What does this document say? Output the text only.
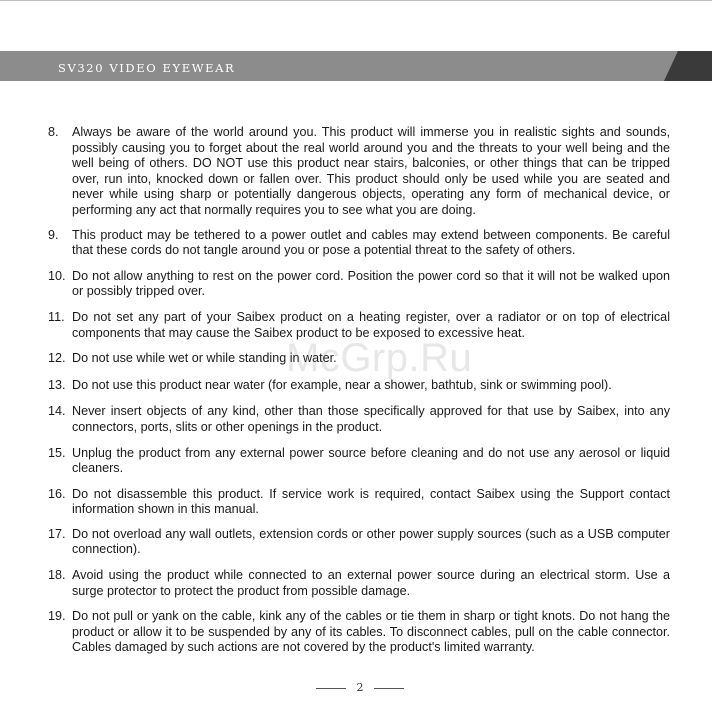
SV320 VIDEO EYEWEAR
8.	Always be aware of the world around you. This product will immerse you in realistic sights and sounds, possibly causing you to forget about the real world around you and the threats to your well being and the well being of others. DO NOT use this product near stairs, balconies, or other things that can be tripped over, run into, knocked down or fallen over. This product should only be used while you are seated and never while using sharp or potentially dangerous objects, operating any form of mechanical device, or performing any act that normally requires you to see what you are doing.
9.	This product may be tethered to a power outlet and cables may extend between components. Be careful that these cords do not tangle around you or pose a potential threat to the safety of others.
10. Do not allow anything to rest on the power cord. Position the power cord so that it will not be walked upon or possibly tripped over.
11. Do not set any part of your Saibex product on a heating register, over a radiator or on top of electrical components that may cause the Saibex product to be exposed to excessive heat.
12. Do not use while wet or while standing in water.
13. Do not use this product near water (for example, near a shower, bathtub, sink or swimming pool).
14. Never insert objects of any kind, other than those specifically approved for that use by Saibex, into any connectors, ports, slits or other openings in the product.
15. Unplug the product from any external power source before cleaning and do not use any aerosol or liquid cleaners.
16. Do not disassemble this product. If service work is required, contact Saibex using the Support contact information shown in this manual.
17. Do not overload any wall outlets, extension cords or other power supply sources (such as a USB computer connection).
18. Avoid using the product while connected to an external power source during an electrical storm. Use a surge protector to protect the product from possible damage.
19. Do not pull or yank on the cable, kink any of the cables or tie them in sharp or tight knots. Do not hang the product or allow it to be suspended by any of its cables. To disconnect cables, pull on the cable connector. Cables damaged by such actions are not covered by the product's limited warranty.
McGrp.Ru
2
